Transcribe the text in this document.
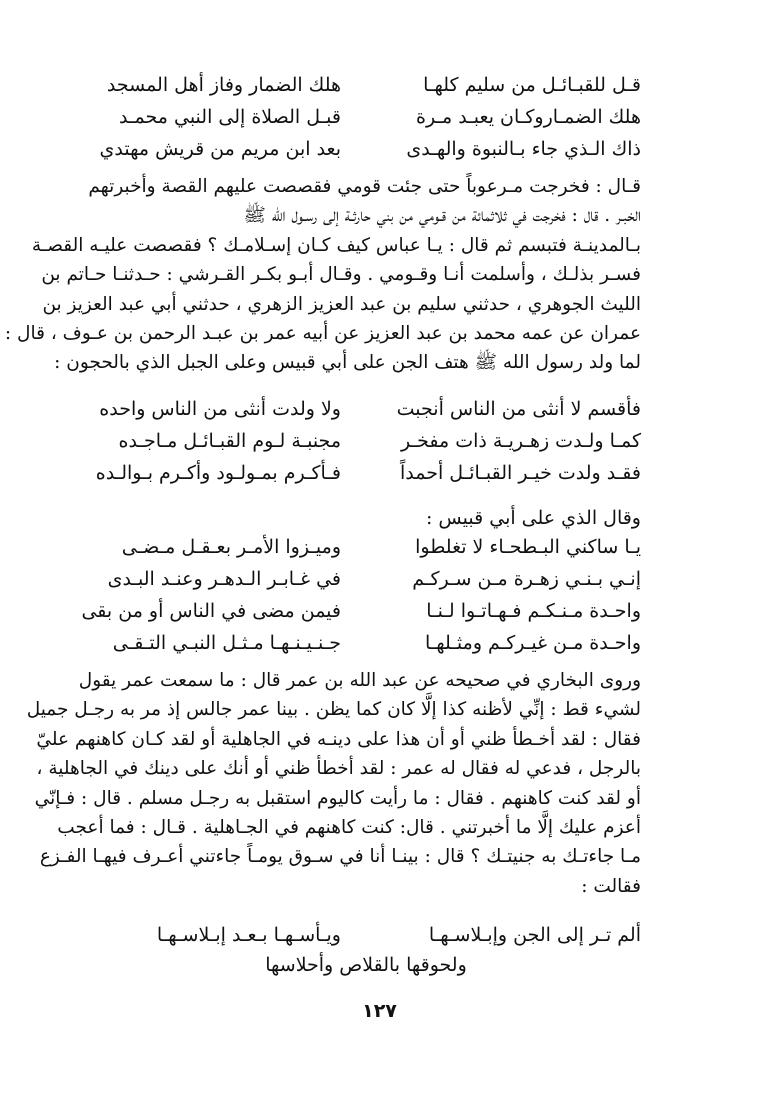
قـل للقبـائـل من سليم كلهـا
هلك الضمار وفاز أهل المسجد
هلك الضمـاروكـان يعبـد مـرة
قبـل الصلاة إلى النبي محمـد
ذاك الـذي جاء بـالنبوة والهـدى
بعد ابن مريم من قريش مهتدي
قـال : فخرجت مـرعوباً حتى جئت قومي فقصصت عليهم القصة وأخبرتهم
الخبـر . قال : فخرجت في ثلاثمائة من قـومي من بني حارثـة إلى رسـول الله ﷺ
بـالمدينـة فتبسم ثم قال : يـا عباس كيف كـان إسـلامـك ؟ فقصصت عليـه القصـة
فسـر بذلـك ، وأسلمت أنـا وقـومي . وقـال أبـو بكـر القـرشي : حـدثنـا حـاتم بن
الليث الجوهري ، حدثني سليم بن عبد العزيز الزهري ، حدثني أبي عبد العزيز بن
عمران عن عمه محمد بن عبد العزيز عن أبيه عمر بن عبـد الرحمن بن عـوف ، قال :
لما ولد رسول الله ﷺ هتف الجن على أبي قبيس وعلى الجبل الذي بالحجون :
فأقسم لا أنثى من الناس أنجبت
ولا ولدت أنثى من الناس واحده
كمـا ولـدت زهـريـة ذات مفخـر
مجنبـة لـوم القبـائـل مـاجـده
فقـد ولدت خيـر القبـائـل أحمداً
فـأكـرم بمـولـود وأكـرم بـوالـده
وقال الذي على أبي قبيس :
يـا ساكني البـطحـاء لا تغلطوا
وميـزوا الأمـر بعـقـل مـضـى
إنـي بـنـي زهـرة مـن سـركـم
في غـابـر الـدهـر وعنـد البـدى
واحـدة مـنـكـم فـهـاتـوا لـنـا
فيمن مضى في الناس أو من بقى
واحـدة مـن غيـركـم ومثـلهـا
جـنـيـنـهـا مـثـل النبـي التـقـى
وروى البخاري في صحيحه عن عبد الله بن عمر قال : ما سمعت عمر يقول
لشيء قط : إنِّي لأظنه كذا إلَّا كان كما يظن . بينا عمر جالس إذ مر به رجـل جميل
فقال : لقد أخـطأ ظني أو أن هذا على دينـه في الجاهلية أو لقد كـان كاهنهم عليّ
بالرجل ، فدعي له فقال له عمر : لقد أخطأ ظني أو أنك على دينك في الجاهلية ،
أو لقد كنت كاهنهم . فقال : ما رأيت كاليوم استقبل به رجـل مسلم . قال : فـإنّي
أعزم عليك إلَّا ما أخبرتني . قال: كنت كاهنهم في الجـاهلية . قـال : فما أعجب
مـا جاءتـك به جنيتـك ؟ قال : بينـا أنا في سـوق يومـاً جاءتني أعـرف فيهـا الفـزع
فقالت :
ألم تـر إلى الجن وإبـلاسـهـا
ويـأسـهـا بـعـد إبـلاسـهـا
ولحوقها بالقلاص وأحلاسها
١٢٧
